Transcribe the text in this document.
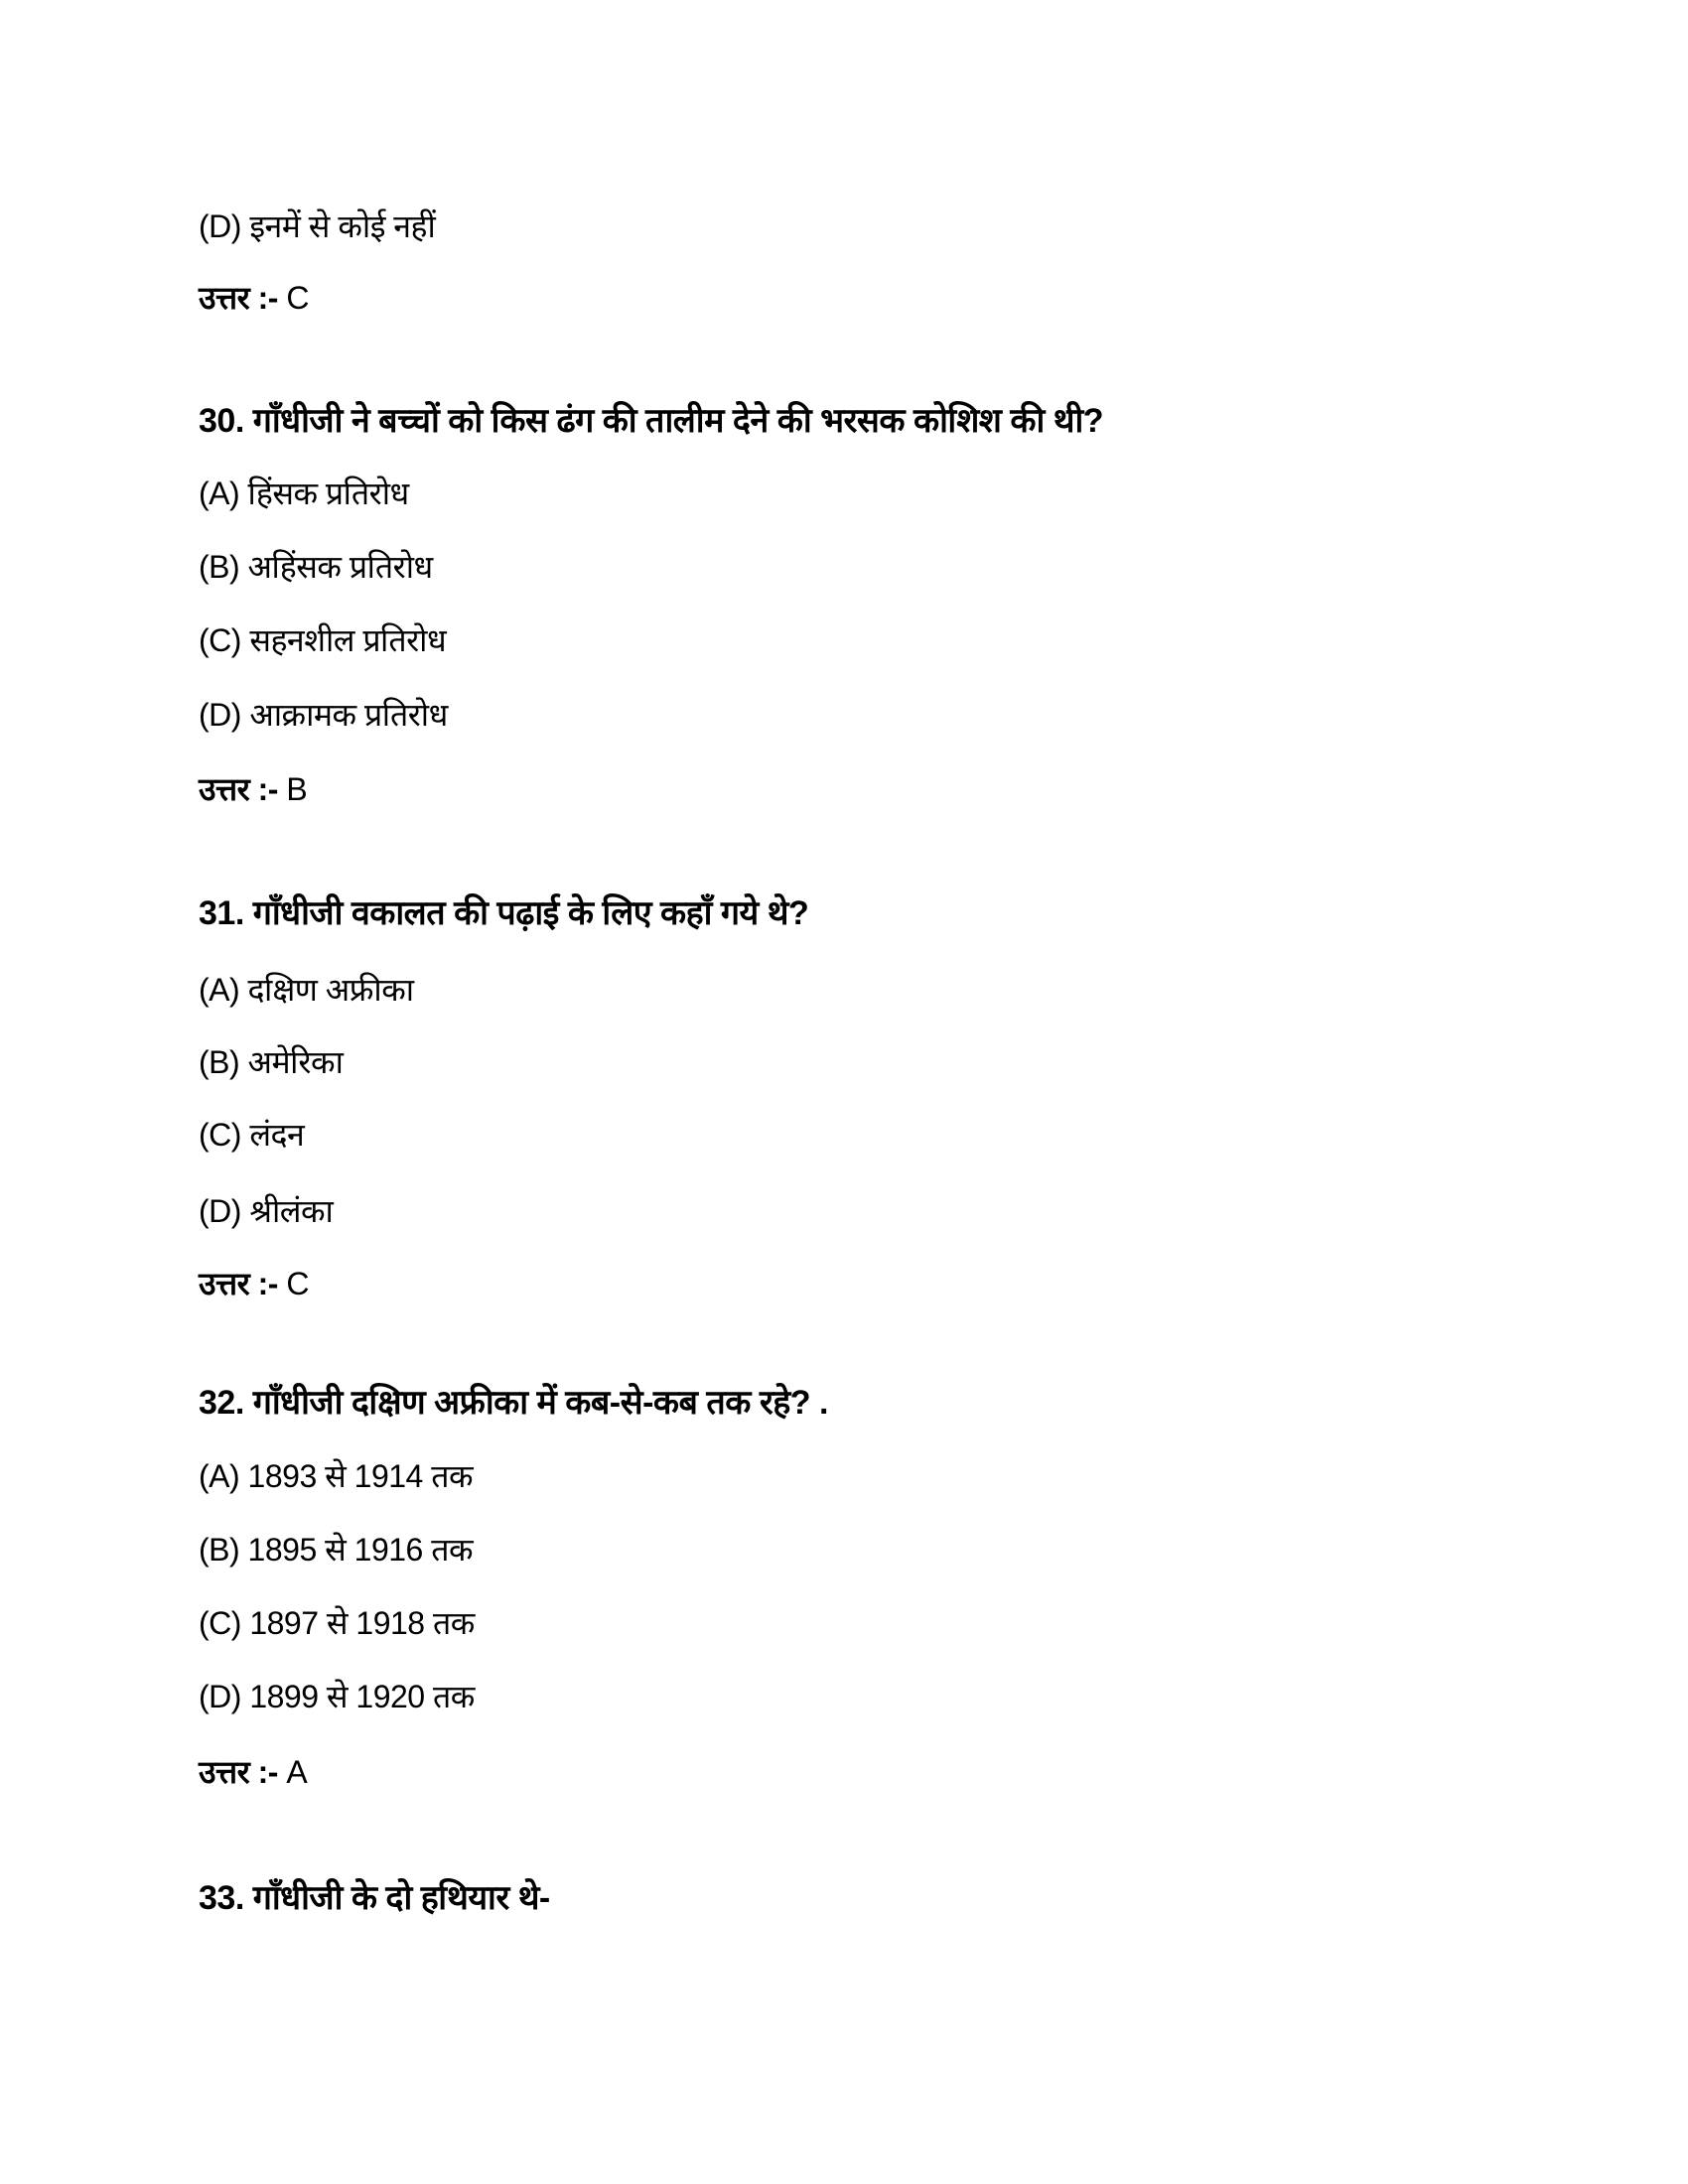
(D) इनमें से कोई नहीं
उत्तर :- C
30. गाँधीजी ने बच्चों को किस ढंग की तालीम देने की भरसक कोशिश की थी?
(A) हिंसक प्रतिरोध
(B) अहिंसक प्रतिरोध
(C) सहनशील प्रतिरोध
(D) आक्रामक प्रतिरोध
उत्तर :- B
31. गाँधीजी वकालत की पढ़ाई के लिए कहाँ गये थे?
(A) दक्षिण अफ्रीका
(B) अमेरिका
(C) लंदन
(D) श्रीलंका
उत्तर :- C
32. गाँधीजी दक्षिण अफ्रीका में कब-से-कब तक रहे? .
(A) 1893 से 1914 तक
(B) 1895 से 1916 तक
(C) 1897 से 1918 तक
(D) 1899 से 1920 तक
उत्तर :- A
33. गाँधीजी के दो हथियार थे-
